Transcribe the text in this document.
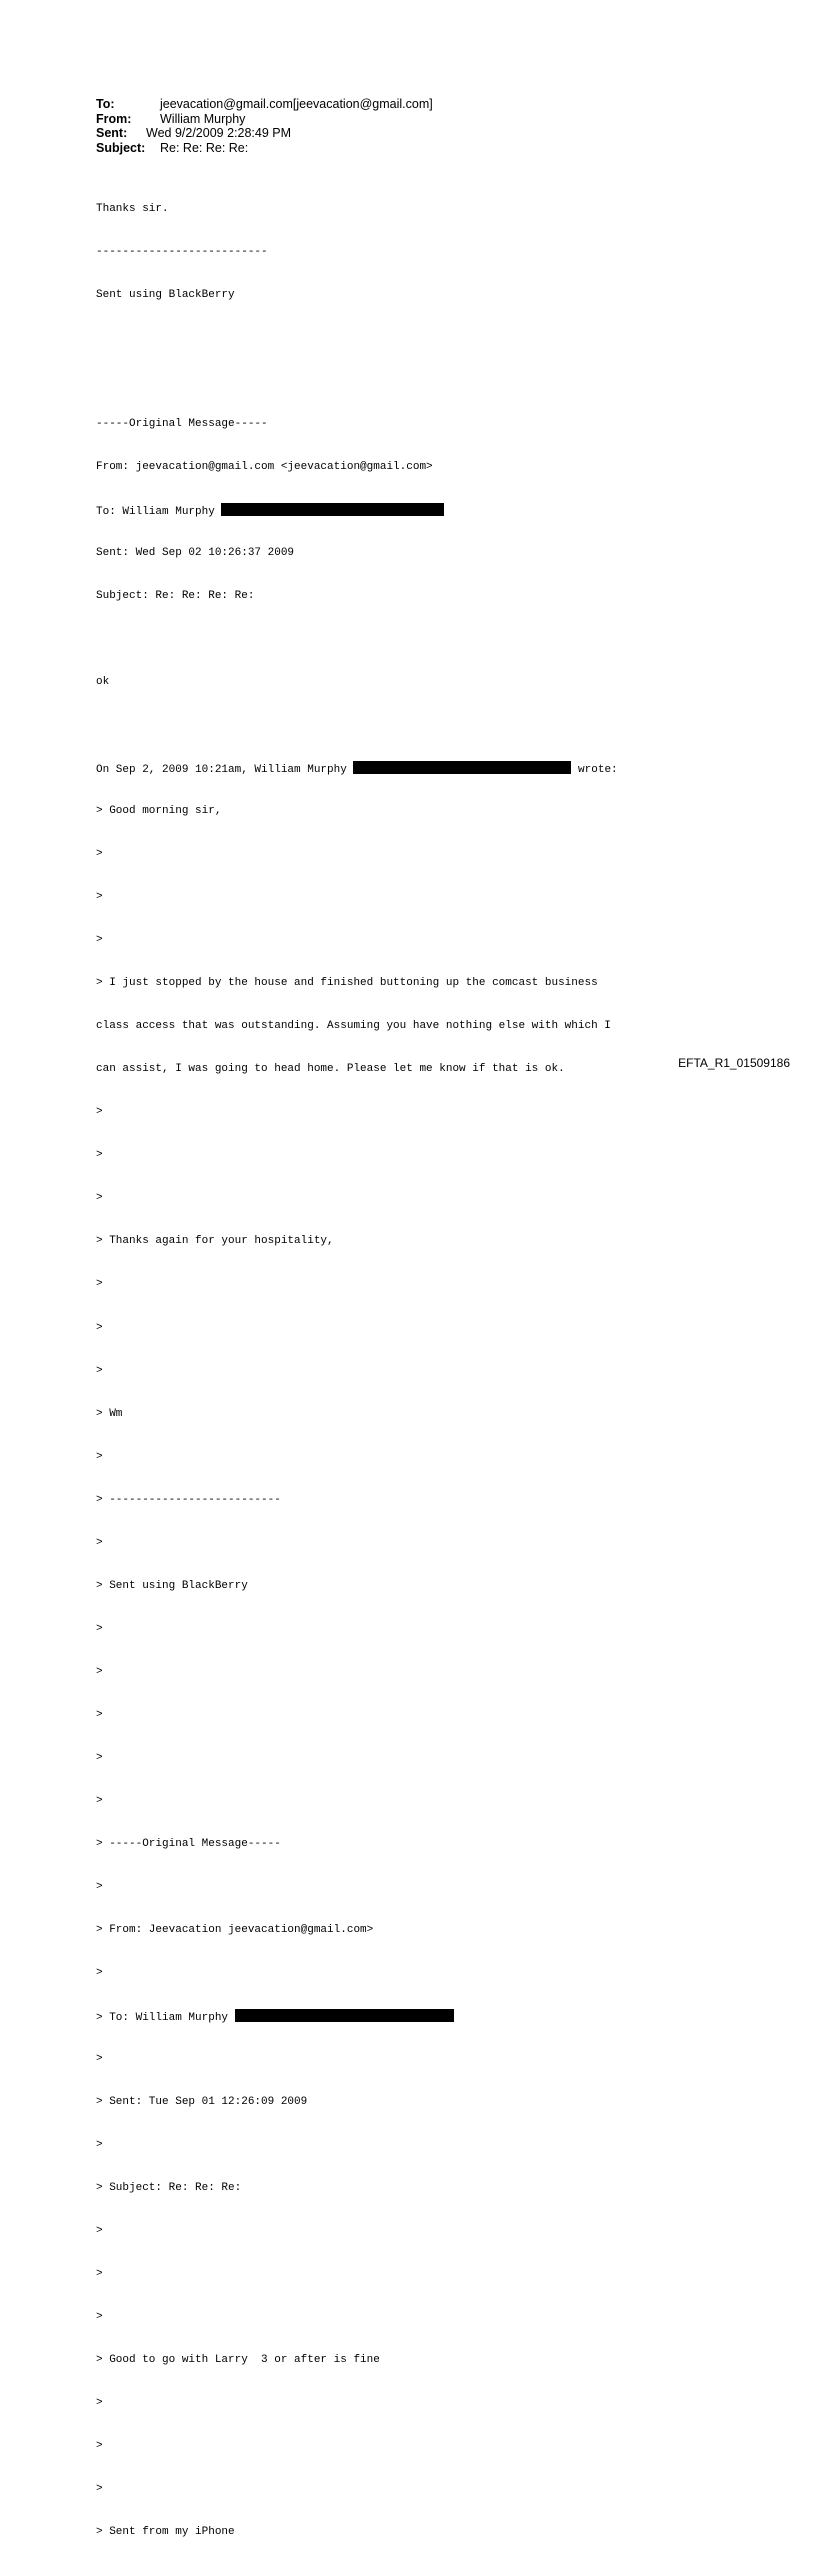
To:	jeevacation@gmail.com[jeevacation@gmail.com]
From:	William Murphy
Sent:	Wed 9/2/2009 2:28:49 PM
Subject:	Re: Re: Re: Re:

Thanks sir.

--------------------------

Sent using BlackBerry

-----Original Message-----

From: jeevacation@gmail.com <jeevacation@gmail.com>

To: William Murphy

Sent: Wed Sep 02 10:26:37 2009

Subject: Re: Re: Re: Re:

ok

On Sep 2, 2009 10:21am, William Murphy	wrote:

> Good morning sir,

>

>

>

> I just stopped by the house and finished buttoning up the comcast business

class access that was outstanding. Assuming you have nothing else with which I

can assist, I was going to head home. Please let me know if that is ok.

>

>

>

> Thanks again for your hospitality,

>

>

>

> Wm

>

> --------------------------

>

> Sent using BlackBerry

>

>

>

>

>

> -----Original Message-----

>

> From: Jeevacation jeevacation@gmail.com>

>

> To: William Murphy

>

> Sent: Tue Sep 01 12:26:09 2009

>

> Subject: Re: Re: Re:

>

>

>

> Good to go with Larry  3 or after is fine

>

>

>

> Sent from my iPhone

EFTA_R1_01509186
